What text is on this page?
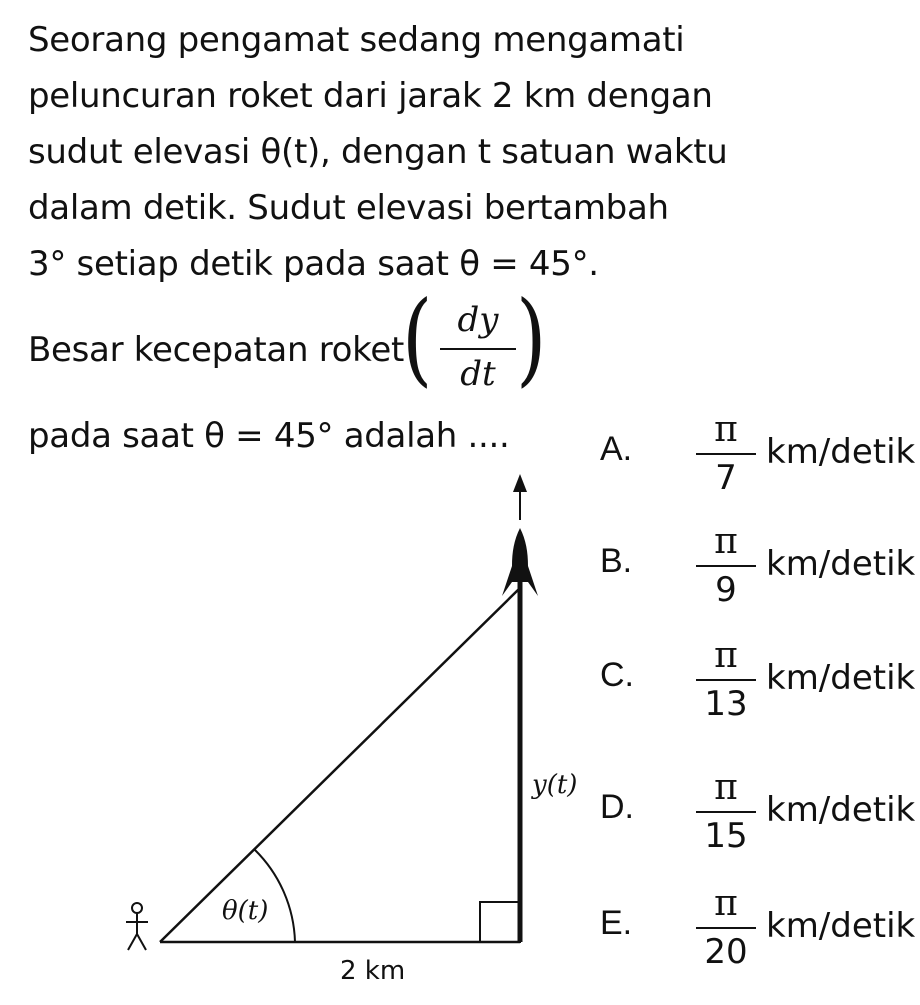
Seorang pengamat sedang mengamati
peluncuran roket dari jarak 2 km dengan
sudut elevasi θ(t), dengan t satuan waktu
dalam detik. Sudut elevasi bertambah
3° setiap detik pada saat θ = 45°.
Besar kecepatan roket
( dy
dt )
pada saat θ = 45° adalah ....
θ(t)
y(t)
2 km
A.	π
7
km/detik
B.	π
9
km/detik
C.	π
13
km/detik
D.	π
15
km/detik
E.	π
20
km/detik
